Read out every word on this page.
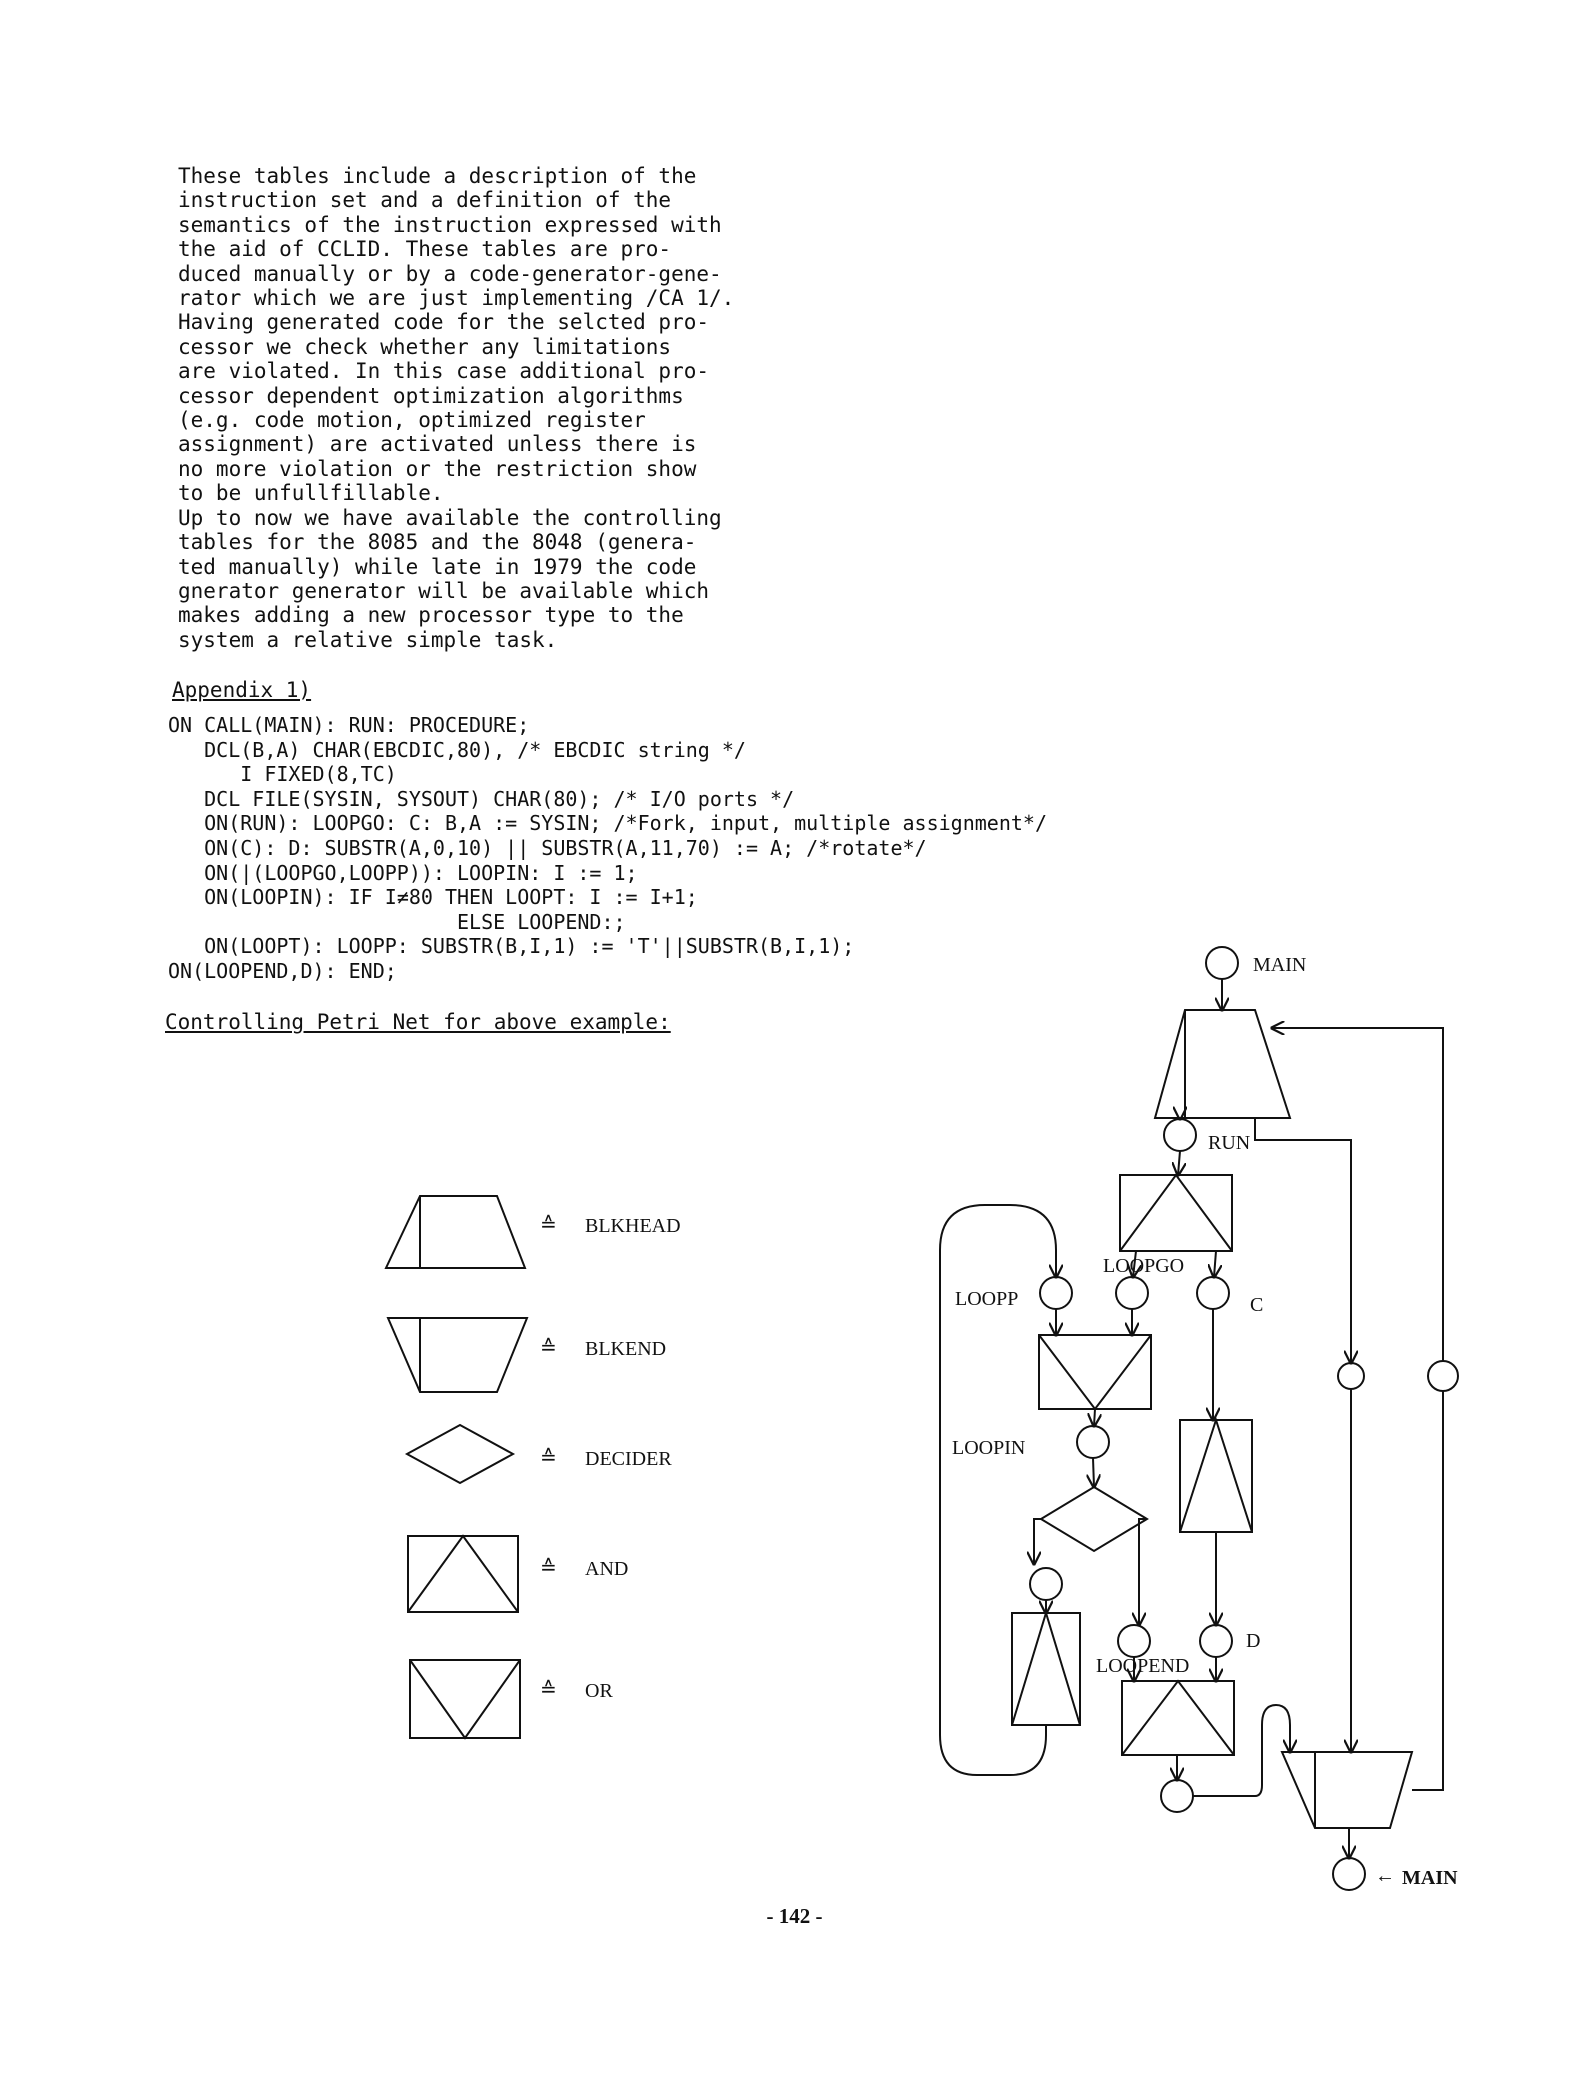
These tables include a description of the
instruction set and a definition of the
semantics of the instruction expressed with
the aid of CCLID. These tables are pro-
duced manually or by a code-generator-gene-
rator which we are just implementing /CA 1/.
Having generated code for the selcted pro-
cessor we check whether any limitations
are violated. In this case additional pro-
cessor dependent optimization algorithms
(e.g. code motion, optimized register
assignment) are activated unless there is
no more violation or the restriction show
to be unfullfillable.
Up to now we have available the controlling
tables for the 8085 and the 8048 (genera-
ted manually) while late in 1979 the code
gnerator generator will be available which
makes adding a new processor type to the
system a relative simple task.
Appendix 1)
ON CALL(MAIN): RUN: PROCEDURE;
DCL(B,A) CHAR(EBCDIC,80), /* EBCDIC string */
I FIXED(8,TC)
DCL FILE(SYSIN, SYSOUT) CHAR(80); /* I/O ports */
ON(RUN): LOOPGO: C: B,A := SYSIN; /*Fork, input, multiple assignment*/
ON(C): D: SUBSTR(A,0,10) || SUBSTR(A,11,70) := A; /*rotate*/
ON(|(LOOPGO,LOOPP)): LOOPIN: I := 1;
ON(LOOPIN): IF I≠80 THEN LOOPT: I := I+1;
ELSE LOOPEND:;
ON(LOOPT): LOOPP: SUBSTR(B,I,1) := 'T'||SUBSTR(B,I,1);
ON(LOOPEND,D): END;
Controlling Petri Net for above example:
≙ BLKHEAD
≙ BLKEND
≙ DECIDER
≙ AND
≙ OR
MAIN
RUN
LOOPGO
LOOPP	C
LOOPIN
D
LOOPEND
← MAIN
- 142 -
